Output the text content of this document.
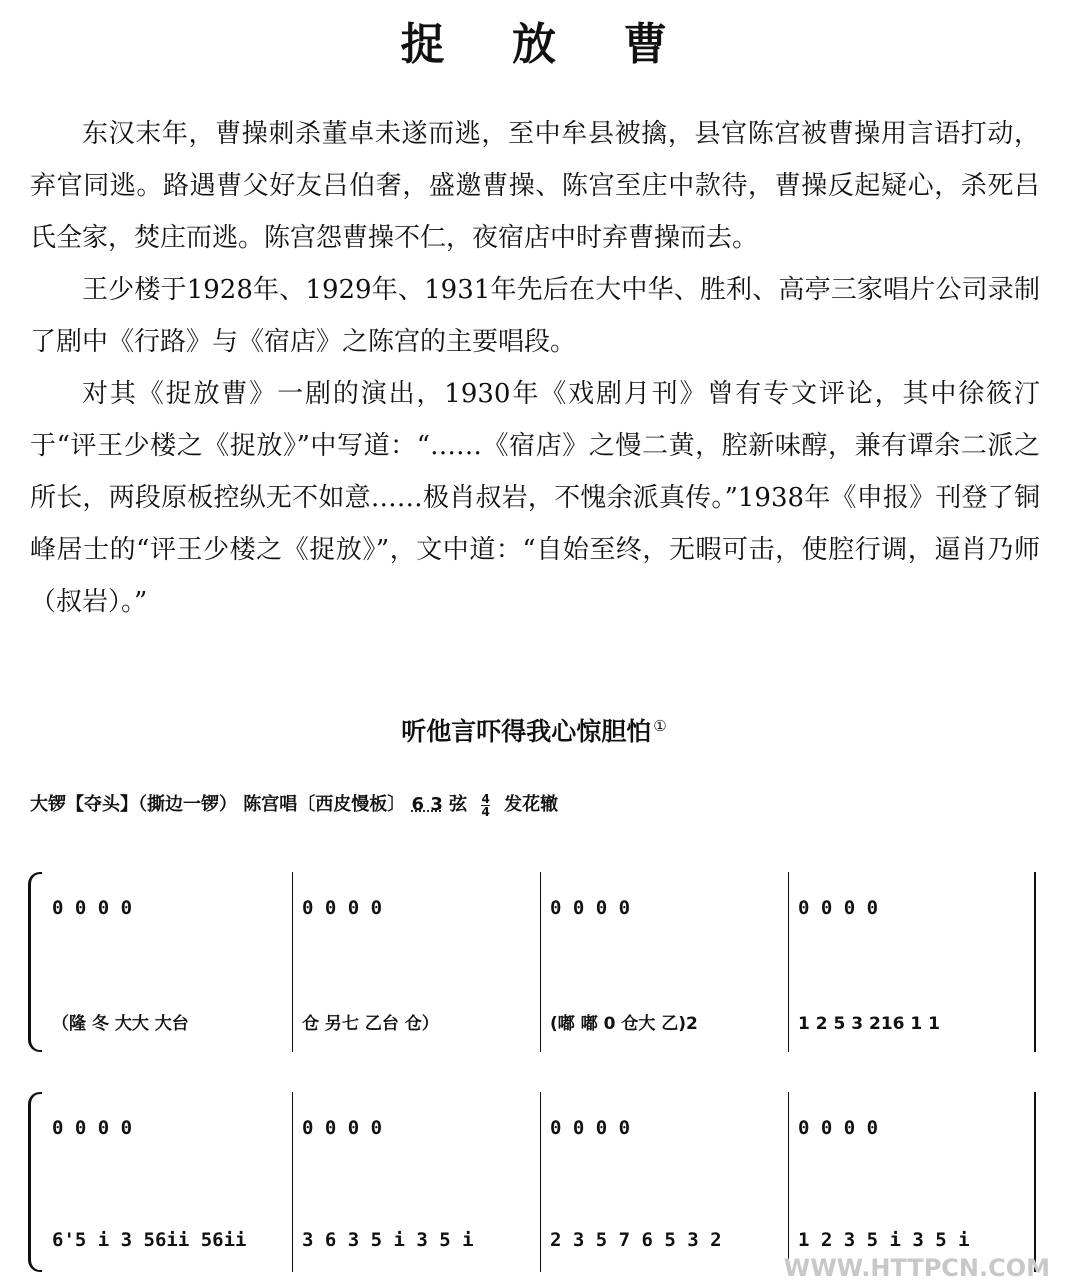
捉 放 曹

东汉末年，曹操刺杀董卓未遂而逃，至中牟县被擒，县官陈宫被曹操用言语打动，弃官同逃。路遇曹父好友吕伯奢，盛邀曹操、陈宫至庄中款待，曹操反起疑心，杀死吕氏全家，焚庄而逃。陈宫怨曹操不仁，夜宿店中时弃曹操而去。

王少楼于1928年、1929年、1931年先后在大中华、胜利、高亭三家唱片公司录制了剧中《行路》与《宿店》之陈宫的主要唱段。

对其《捉放曹》一剧的演出，1930年《戏剧月刊》曾有专文评论，其中徐筱汀于“评王少楼之《捉放》”中写道：“……《宿店》之慢二黄，腔新味醇，兼有谭余二派之所长，两段原板控纵无不如意……极肖叔岩，不愧余派真传。”1938年《申报》刊登了铜峰居士的“评王少楼之《捉放》”，文中道：“自始至终，无暇可击，使腔行调，逼肖乃师（叔岩）。”

听他言吓得我心惊胆怕 ①
大锣【夺头】（撕边一锣） 陈宫唱〔西皮慢板〕 6 3 弦 $\frac{4}{4}$ 发花辙
0 0 0 0	0 0 0 0	0 0 0 0	0 0 0 0
（隆 冬 大大 大台	仓 另七 乙台 仓）	(嘟 嘟 0 仓大 乙)2	1 2 5 3 216 1 1
0 0 0 0	0 0 0 0	0 0 0 0	0 0 0 0
6'5 i 3 56ii 56ii	3 6 3 5 i 3 5 i	2 3 5 7 6 5 3 2	1 2 3 5 i 3 5 i
WWW.HTTPCN.COM
